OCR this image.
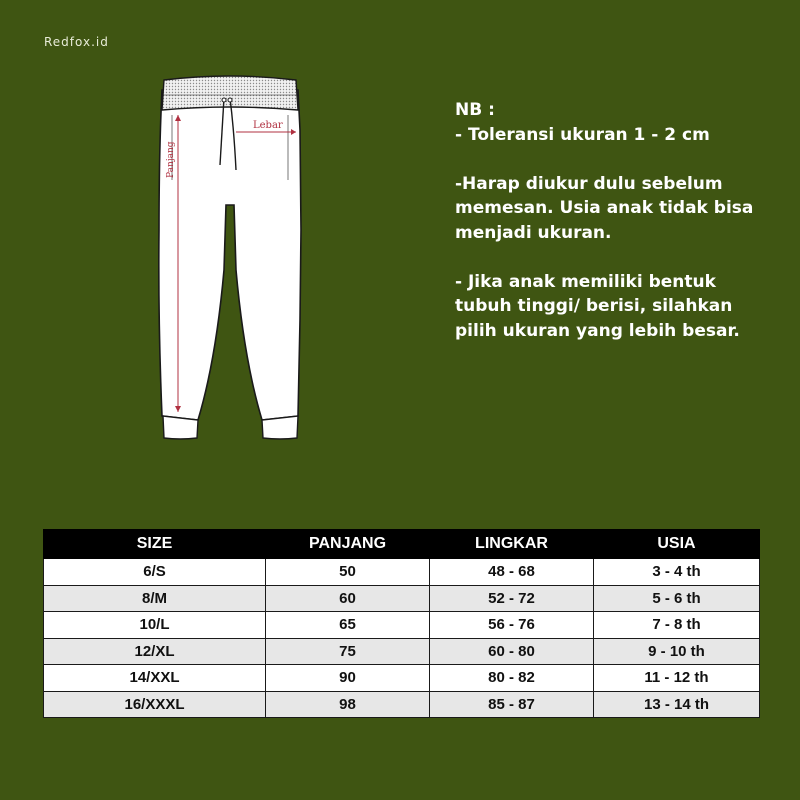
Redfox.id
Lebar
Panjang

NB :

- Toleransi ukuran 1 - 2 cm

-Harap diukur dulu sebelum memesan. Usia anak tidak bisa menjadi ukuran.

- Jika anak memiliki bentuk tubuh tinggi/ berisi, silahkan pilih ukuran yang lebih besar.

SIZE	PANJANG	LINGKAR	USIA
6/S	50	48 - 68	3 - 4 th
8/M	60	52 - 72	5 - 6 th
10/L	65	56 - 76	7 - 8 th
12/XL	75	60 - 80	9 - 10 th
14/XXL	90	80 - 82	11 - 12 th
16/XXXL	98	85 - 87	13 - 14 th
